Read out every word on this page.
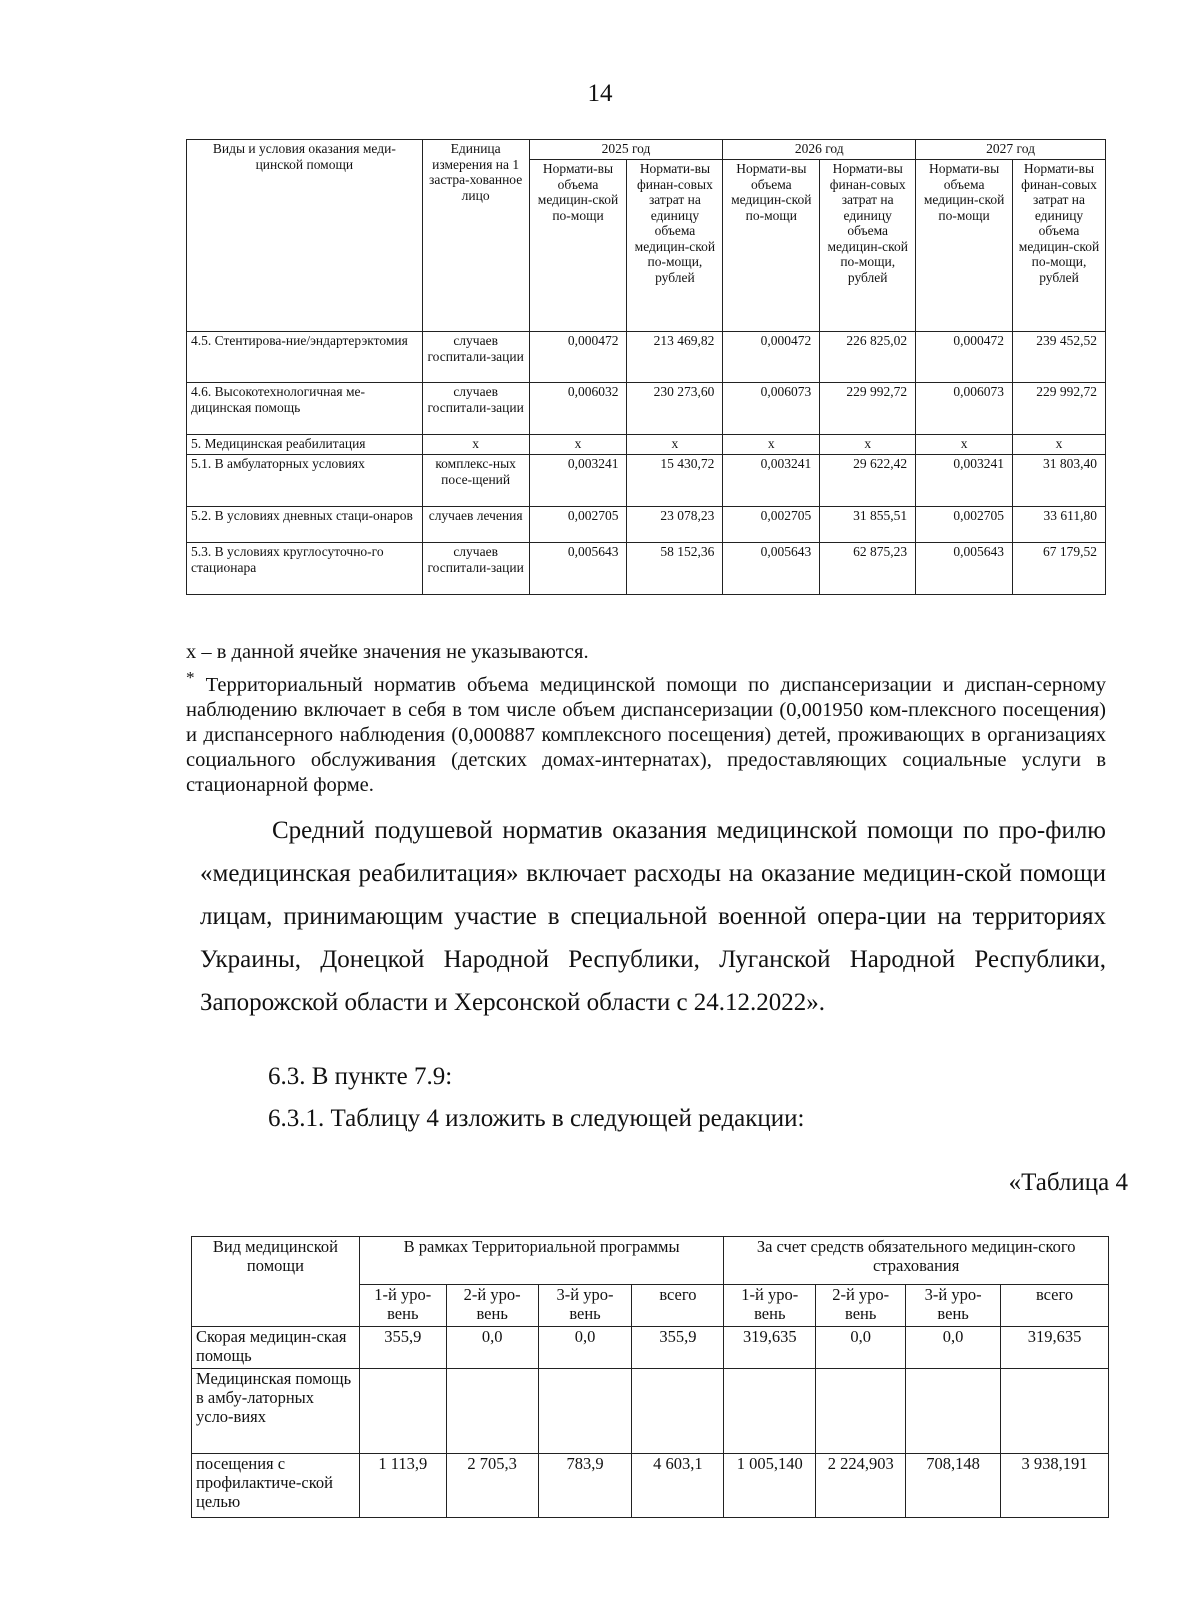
14
Виды и условия оказания меди-цинской помощи	Единица измерения на 1 застра-хованное лицо	2025 год		2026 год		2027 год	
		Нормати-вы объема медицин-ской по-мощи	Нормати-вы финан-совых затрат на единицу объема медицин-ской по-мощи, рублей	Нормати-вы объема медицин-ской по-мощи	Нормати-вы финан-совых затрат на единицу объема медицин-ской по-мощи, рублей	Нормати-вы объема медицин-ской по-мощи	Нормати-вы финан-совых затрат на единицу объема медицин-ской по-мощи, рублей
4.5. Стентирова-ние/эндартерэктомия	случаев госпитали-зации	0,000472	213 469,82	0,000472	226 825,02	0,000472	239 452,52
4.6. Высокотехнологичная ме-дицинская помощь	случаев госпитали-зации	0,006032	230 273,60	0,006073	229 992,72	0,006073	229 992,72
5. Медицинская реабилитация	х	х	х	х	х	х	х
5.1. В амбулаторных условиях	комплекс-ных посе-щений	0,003241	15 430,72	0,003241	29 622,42	0,003241	31 803,40
5.2. В условиях дневных стаци-онаров	случаев лечения	0,002705	23 078,23	0,002705	31 855,51	0,002705	33 611,80
5.3. В условиях круглосуточно-го стационара	случаев госпитали-зации	0,005643	58 152,36	0,005643	62 875,23	0,005643	67 179,52

х – в данной ячейке значения не указываются.

* Территориальный норматив объема медицинской помощи по диспансеризации и диспан-серному наблюдению включает в себя в том числе объем диспансеризации (0,001950 ком-плексного посещения) и диспансерного наблюдения (0,000887 комплексного посещения) детей, проживающих в организациях социального обслуживания (детских домах-интернатах), предоставляющих социальные услуги в стационарной форме.

Средний подушевой норматив оказания медицинской помощи по про-филю «медицинская реабилитация» включает расходы на оказание медицин-ской помощи лицам, принимающим участие в специальной военной опера-ции на территориях Украины, Донецкой Народной Республики, Луганской Народной Республики, Запорожской области и Херсонской области с 24.12.2022».

6.3. В пункте 7.9:
6.3.1. Таблицу 4 изложить в следующей редакции:
«Таблица 4
Вид медицинской помощи	В рамках Территориальной программы				За счет средств обязательного медицин-ского страхования			
	1-й уро-вень	2-й уро-вень	3-й уро-вень	всего	1-й уро-вень	2-й уро-вень	3-й уро-вень	всего
Скорая медицин-ская помощь	355,9	0,0	0,0	355,9	319,635	0,0	0,0	319,635
Медицинская помощь в амбу-латорных усло-виях								
посещения с профилактиче-ской целью	1 113,9	2 705,3	783,9	4 603,1	1 005,140	2 224,903	708,148	3 938,191
